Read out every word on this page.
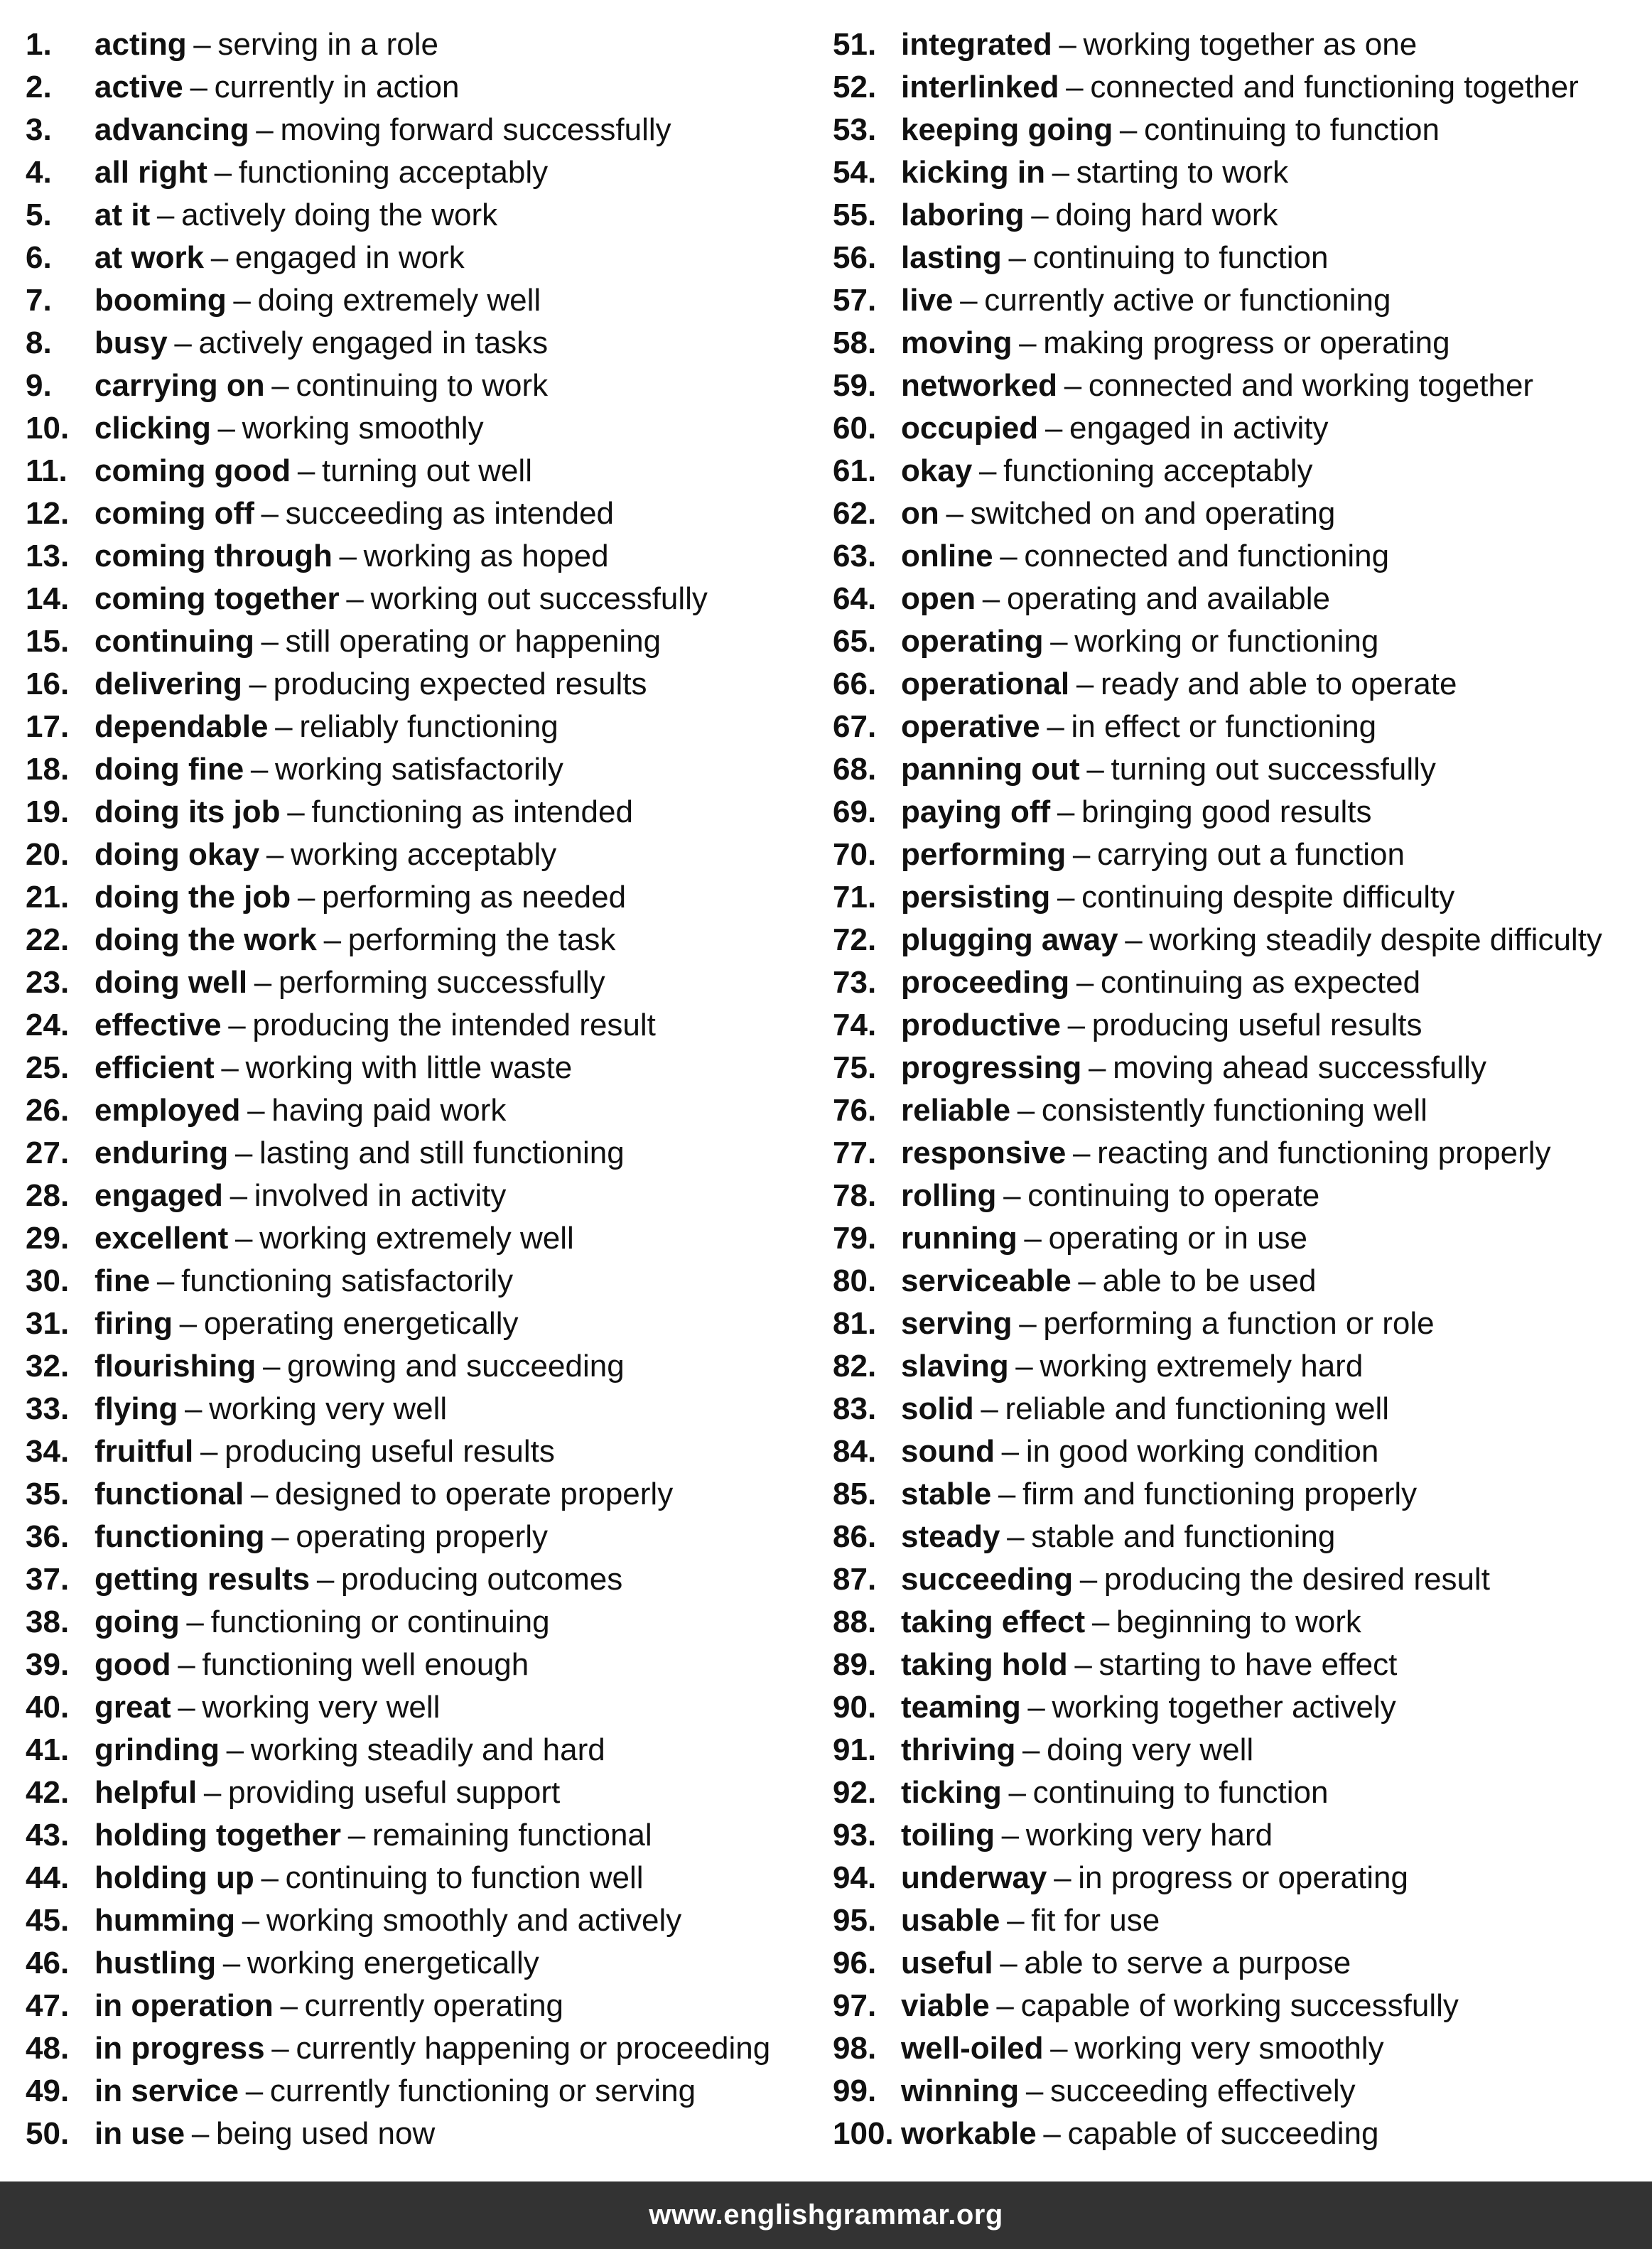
1.	acting – serving in a role
2.	active – currently in action
3.	advancing – moving forward successfully
4.	all right – functioning acceptably
5.	at it – actively doing the work
6.	at work – engaged in work
7.	booming – doing extremely well
8.	busy – actively engaged in tasks
9.	carrying on – continuing to work
10. clicking – working smoothly
11. coming good – turning out well
12. coming off – succeeding as intended
13. coming through – working as hoped
14. coming together – working out successfully
15. continuing – still operating or happening
16. delivering – producing expected results
17. dependable – reliably functioning
18. doing fine – working satisfactorily
19. doing its job – functioning as intended
20. doing okay – working acceptably
21. doing the job – performing as needed
22. doing the work – performing the task
23. doing well – performing successfully
24. effective – producing the intended result
25. efficient – working with little waste
26. employed – having paid work
27. enduring – lasting and still functioning
28. engaged – involved in activity
29. excellent – working extremely well
30. fine – functioning satisfactorily
31. firing – operating energetically
32. flourishing – growing and succeeding
33. flying – working very well
34. fruitful – producing useful results
35. functional – designed to operate properly
36. functioning – operating properly
37. getting results – producing outcomes
38. going – functioning or continuing
39. good – functioning well enough
40. great – working very well
41. grinding – working steadily and hard
42. helpful – providing useful support
43. holding together – remaining functional
44. holding up – continuing to function well
45. humming – working smoothly and actively
46. hustling – working energetically
47. in operation – currently operating
48. in progress – currently happening or proceeding
49. in service – currently functioning or serving
50. in use – being used now
51. integrated – working together as one
52. interlinked – connected and functioning together
53. keeping going – continuing to function
54. kicking in – starting to work
55. laboring – doing hard work
56. lasting – continuing to function
57. live – currently active or functioning
58. moving – making progress or operating
59. networked – connected and working together
60. occupied – engaged in activity
61. okay – functioning acceptably
62. on – switched on and operating
63. online – connected and functioning
64. open – operating and available
65. operating – working or functioning
66. operational – ready and able to operate
67. operative – in effect or functioning
68. panning out – turning out successfully
69. paying off – bringing good results
70. performing – carrying out a function
71. persisting – continuing despite difficulty
72. plugging away – working steadily despite difficulty
73. proceeding – continuing as expected
74. productive – producing useful results
75. progressing – moving ahead successfully
76. reliable – consistently functioning well
77. responsive – reacting and functioning properly
78. rolling – continuing to operate
79. running – operating or in use
80. serviceable – able to be used
81. serving – performing a function or role
82. slaving – working extremely hard
83. solid – reliable and functioning well
84. sound – in good working condition
85. stable – firm and functioning properly
86. steady – stable and functioning
87. succeeding – producing the desired result
88. taking effect – beginning to work
89. taking hold – starting to have effect
90. teaming – working together actively
91. thriving – doing very well
92. ticking – continuing to function
93. toiling – working very hard
94. underway – in progress or operating
95. usable – fit for use
96. useful – able to serve a purpose
97. viable – capable of working successfully
98. well-oiled – working very smoothly
99. winning – succeeding effectively
100. workable – capable of succeeding
www.englishgrammar.org
